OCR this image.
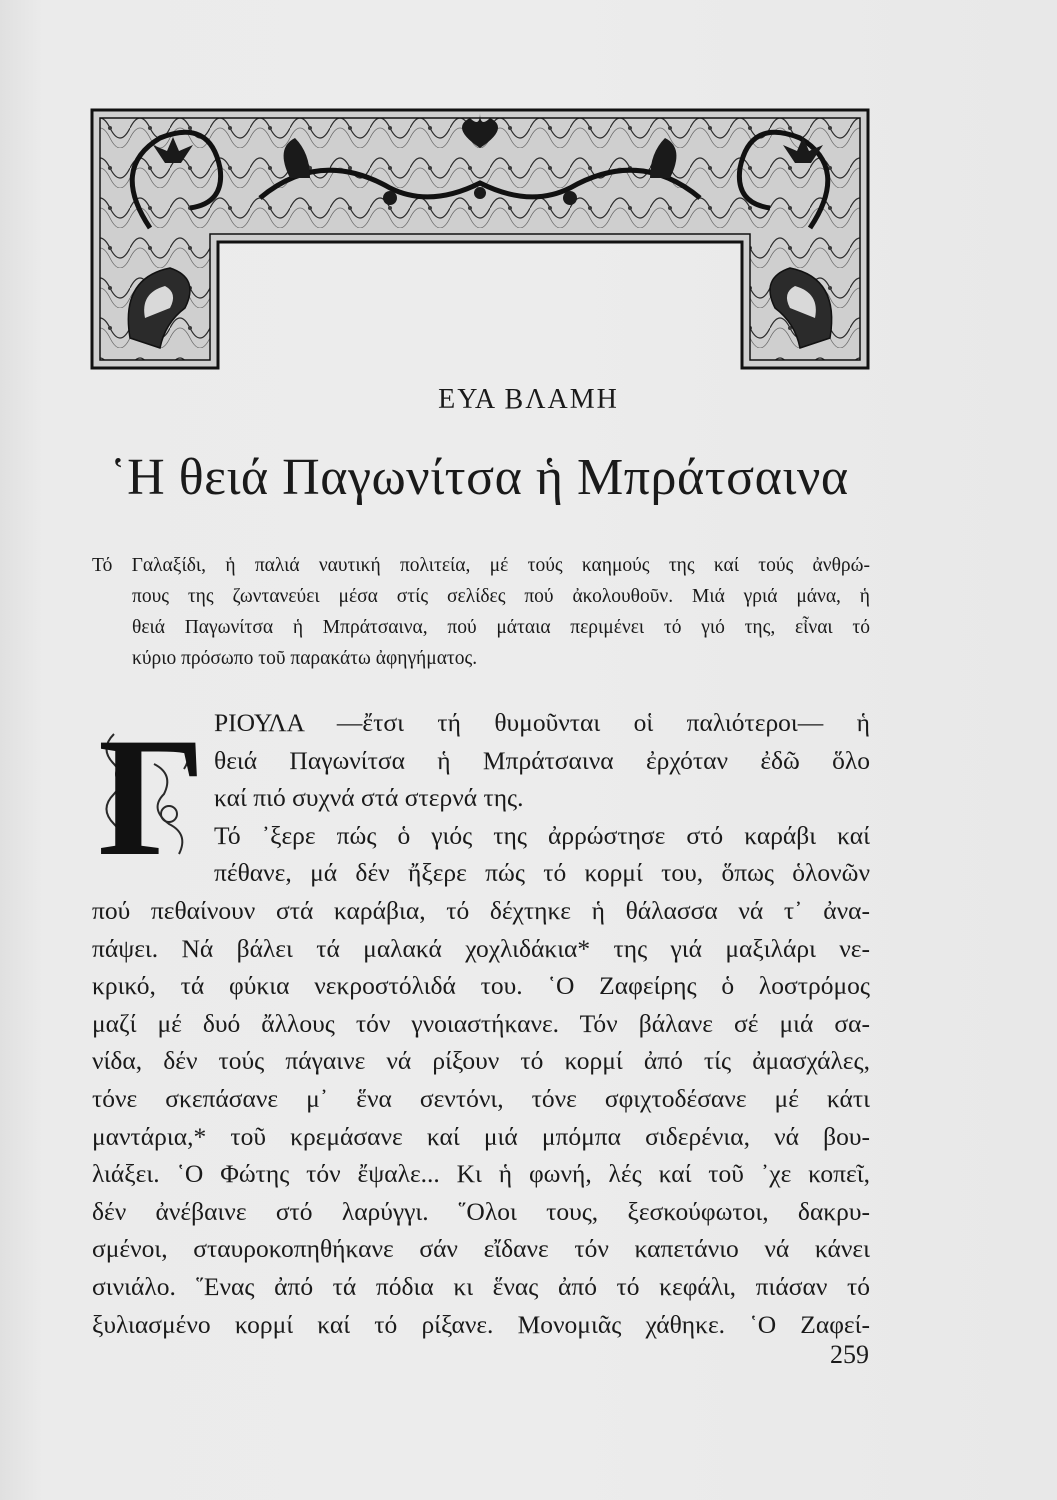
ΕΥΑ ΒΛΑΜΗ
῾Η θειά Παγωνίτσα ἡ Μπράτσαινα
Τό Γαλαξίδι, ἡ παλιά ναυτική πολιτεία, μέ τούς καημούς της καί τούς ἀνθρώ-
πους της ζωντανεύει μέσα στίς σελίδες πού ἀκολουθοῦν. Μιά γριά μάνα, ἡ
θειά Παγωνίτσα ἡ Μπράτσαινα, πού μάταια περιμένει τό γιό της, εἶναι τό
κύριο πρόσωπο τοῦ παρακάτω ἀφηγήματος.
Γ ΡΙΟΥΛΑ —ἔτσι τή θυμοῦνται οἱ παλιότεροι— ἡ
θειά Παγωνίτσα ἡ Μπράτσαινα ἐρχόταν ἐδῶ ὅλο
καί πιό συχνά στά στερνά της.
Τό ᾽ξερε πώς ὁ γιός της ἀρρώστησε στό καράβι καί
πέθανε, μά δέν ἤξερε πώς τό κορμί του, ὅπως ὁλονῶν
πού πεθαίνουν στά καράβια, τό δέχτηκε ἡ θάλασσα νά τ᾽ ἀνα-
πάψει. Νά βάλει τά μαλακά χοχλιδάκια* της γιά μαξιλάρι νε-
κρικό, τά φύκια νεκροστόλιδά του. ῾Ο Ζαφείρης ὁ λοστρόμος
μαζί μέ δυό ἄλλους τόν γνοιαστήκανε. Τόν βάλανε σέ μιά σα-
νίδα, δέν τούς πάγαινε νά ρίξουν τό κορμί ἀπό τίς ἀμασχάλες,
τόνε σκεπάσανε μ᾽ ἕνα σεντόνι, τόνε σφιχτοδέσανε μέ κάτι
μαντάρια,* τοῦ κρεμάσανε καί μιά μπόμπα σιδερένια, νά βου-
λιάξει. ῾Ο Φώτης τόν ἔψαλε... Κι ἡ φωνή, λές καί τοῦ ᾽χε κοπεῖ,
δέν ἀνέβαινε στό λαρύγγι. ῞Ολοι τους, ξεσκούφωτοι, δακρυ-
σμένοι, σταυροκοπηθήκανε σάν εἴδανε τόν καπετάνιο νά κάνει
σινιάλο. ῞Ενας ἀπό τά πόδια κι ἕνας ἀπό τό κεφάλι, πιάσαν τό
ξυλιασμένο κορμί καί τό ρίξανε. Μονομιᾶς χάθηκε. ῾Ο Ζαφεί-
259
